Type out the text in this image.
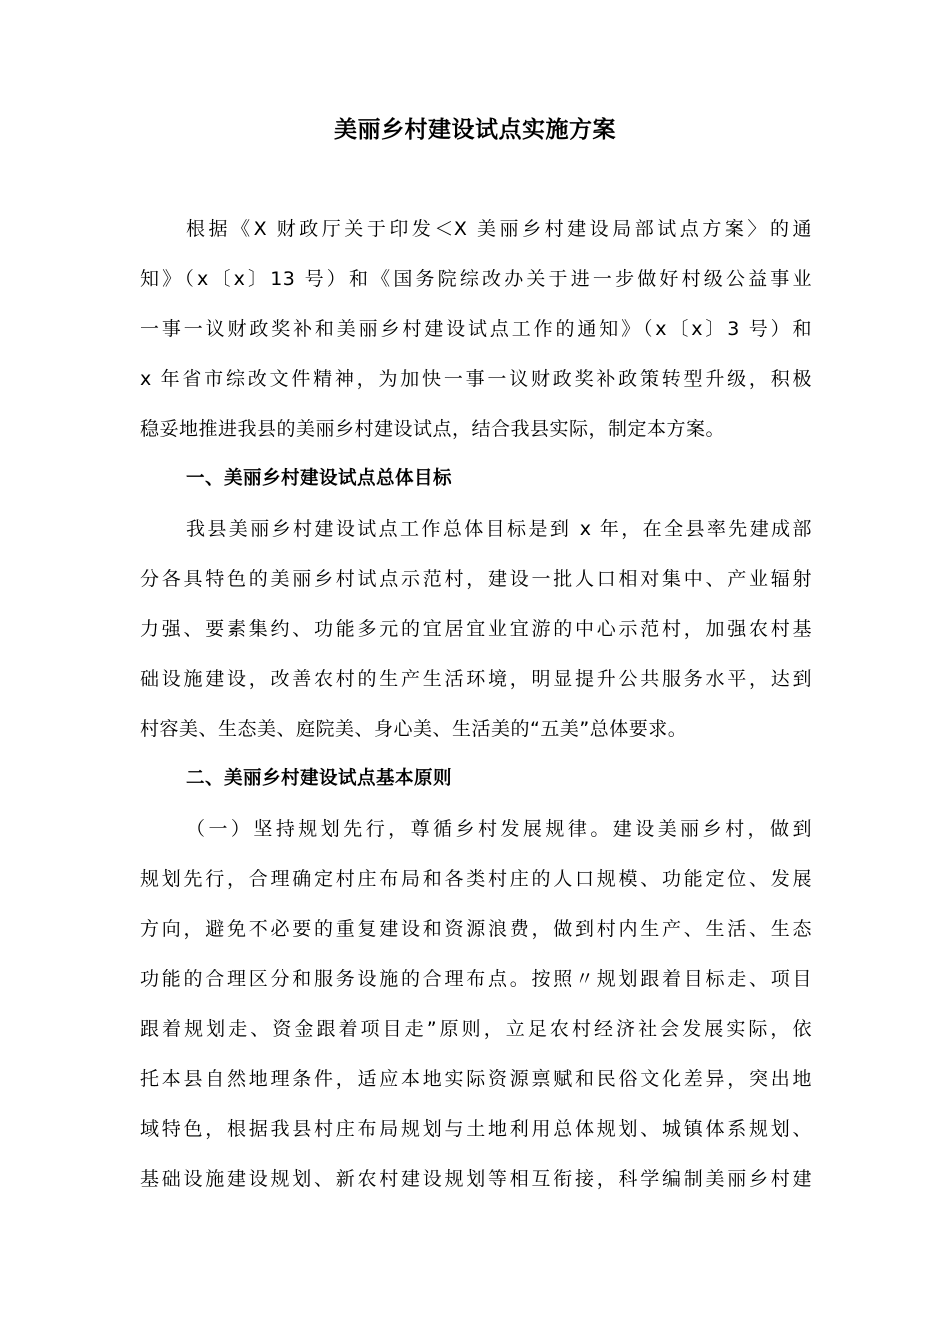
美丽乡村建设试点实施方案
根据《X 财政厅关于印发＜X 美丽乡村建设局部试点方案〉的通
知》（x〔x〕13 号）和《国务院综改办关于进一步做好村级公益事业
一事一议财政奖补和美丽乡村建设试点工作的通知》（x〔x〕3 号）和
x 年省市综改文件精神，为加快一事一议财政奖补政策转型升级，积极
稳妥地推进我县的美丽乡村建设试点，结合我县实际，制定本方案。
一、美丽乡村建设试点总体目标
我县美丽乡村建设试点工作总体目标是到 x 年，在全县率先建成部
分各具特色的美丽乡村试点示范村，建设一批人口相对集中、产业辐射
力强、要素集约、功能多元的宜居宜业宜游的中心示范村，加强农村基
础设施建设，改善农村的生产生活环境，明显提升公共服务水平，达到
村容美、生态美、庭院美、身心美、生活美的“五美”总体要求。
二、美丽乡村建设试点基本原则
（一）坚持规划先行，尊循乡村发展规律。建设美丽乡村，做到
规划先行，合理确定村庄布局和各类村庄的人口规模、功能定位、发展
方向，避免不必要的重复建设和资源浪费，做到村内生产、生活、生态
功能的合理区分和服务设施的合理布点。按照〃规划跟着目标走、项目
跟着规划走、资金跟着项目走”原则，立足农村经济社会发展实际，依
托本县自然地理条件，适应本地实际资源禀赋和民俗文化差异，突出地
域特色，根据我县村庄布局规划与土地利用总体规划、城镇体系规划、
基础设施建设规划、新农村建设规划等相互衔接，科学编制美丽乡村建
